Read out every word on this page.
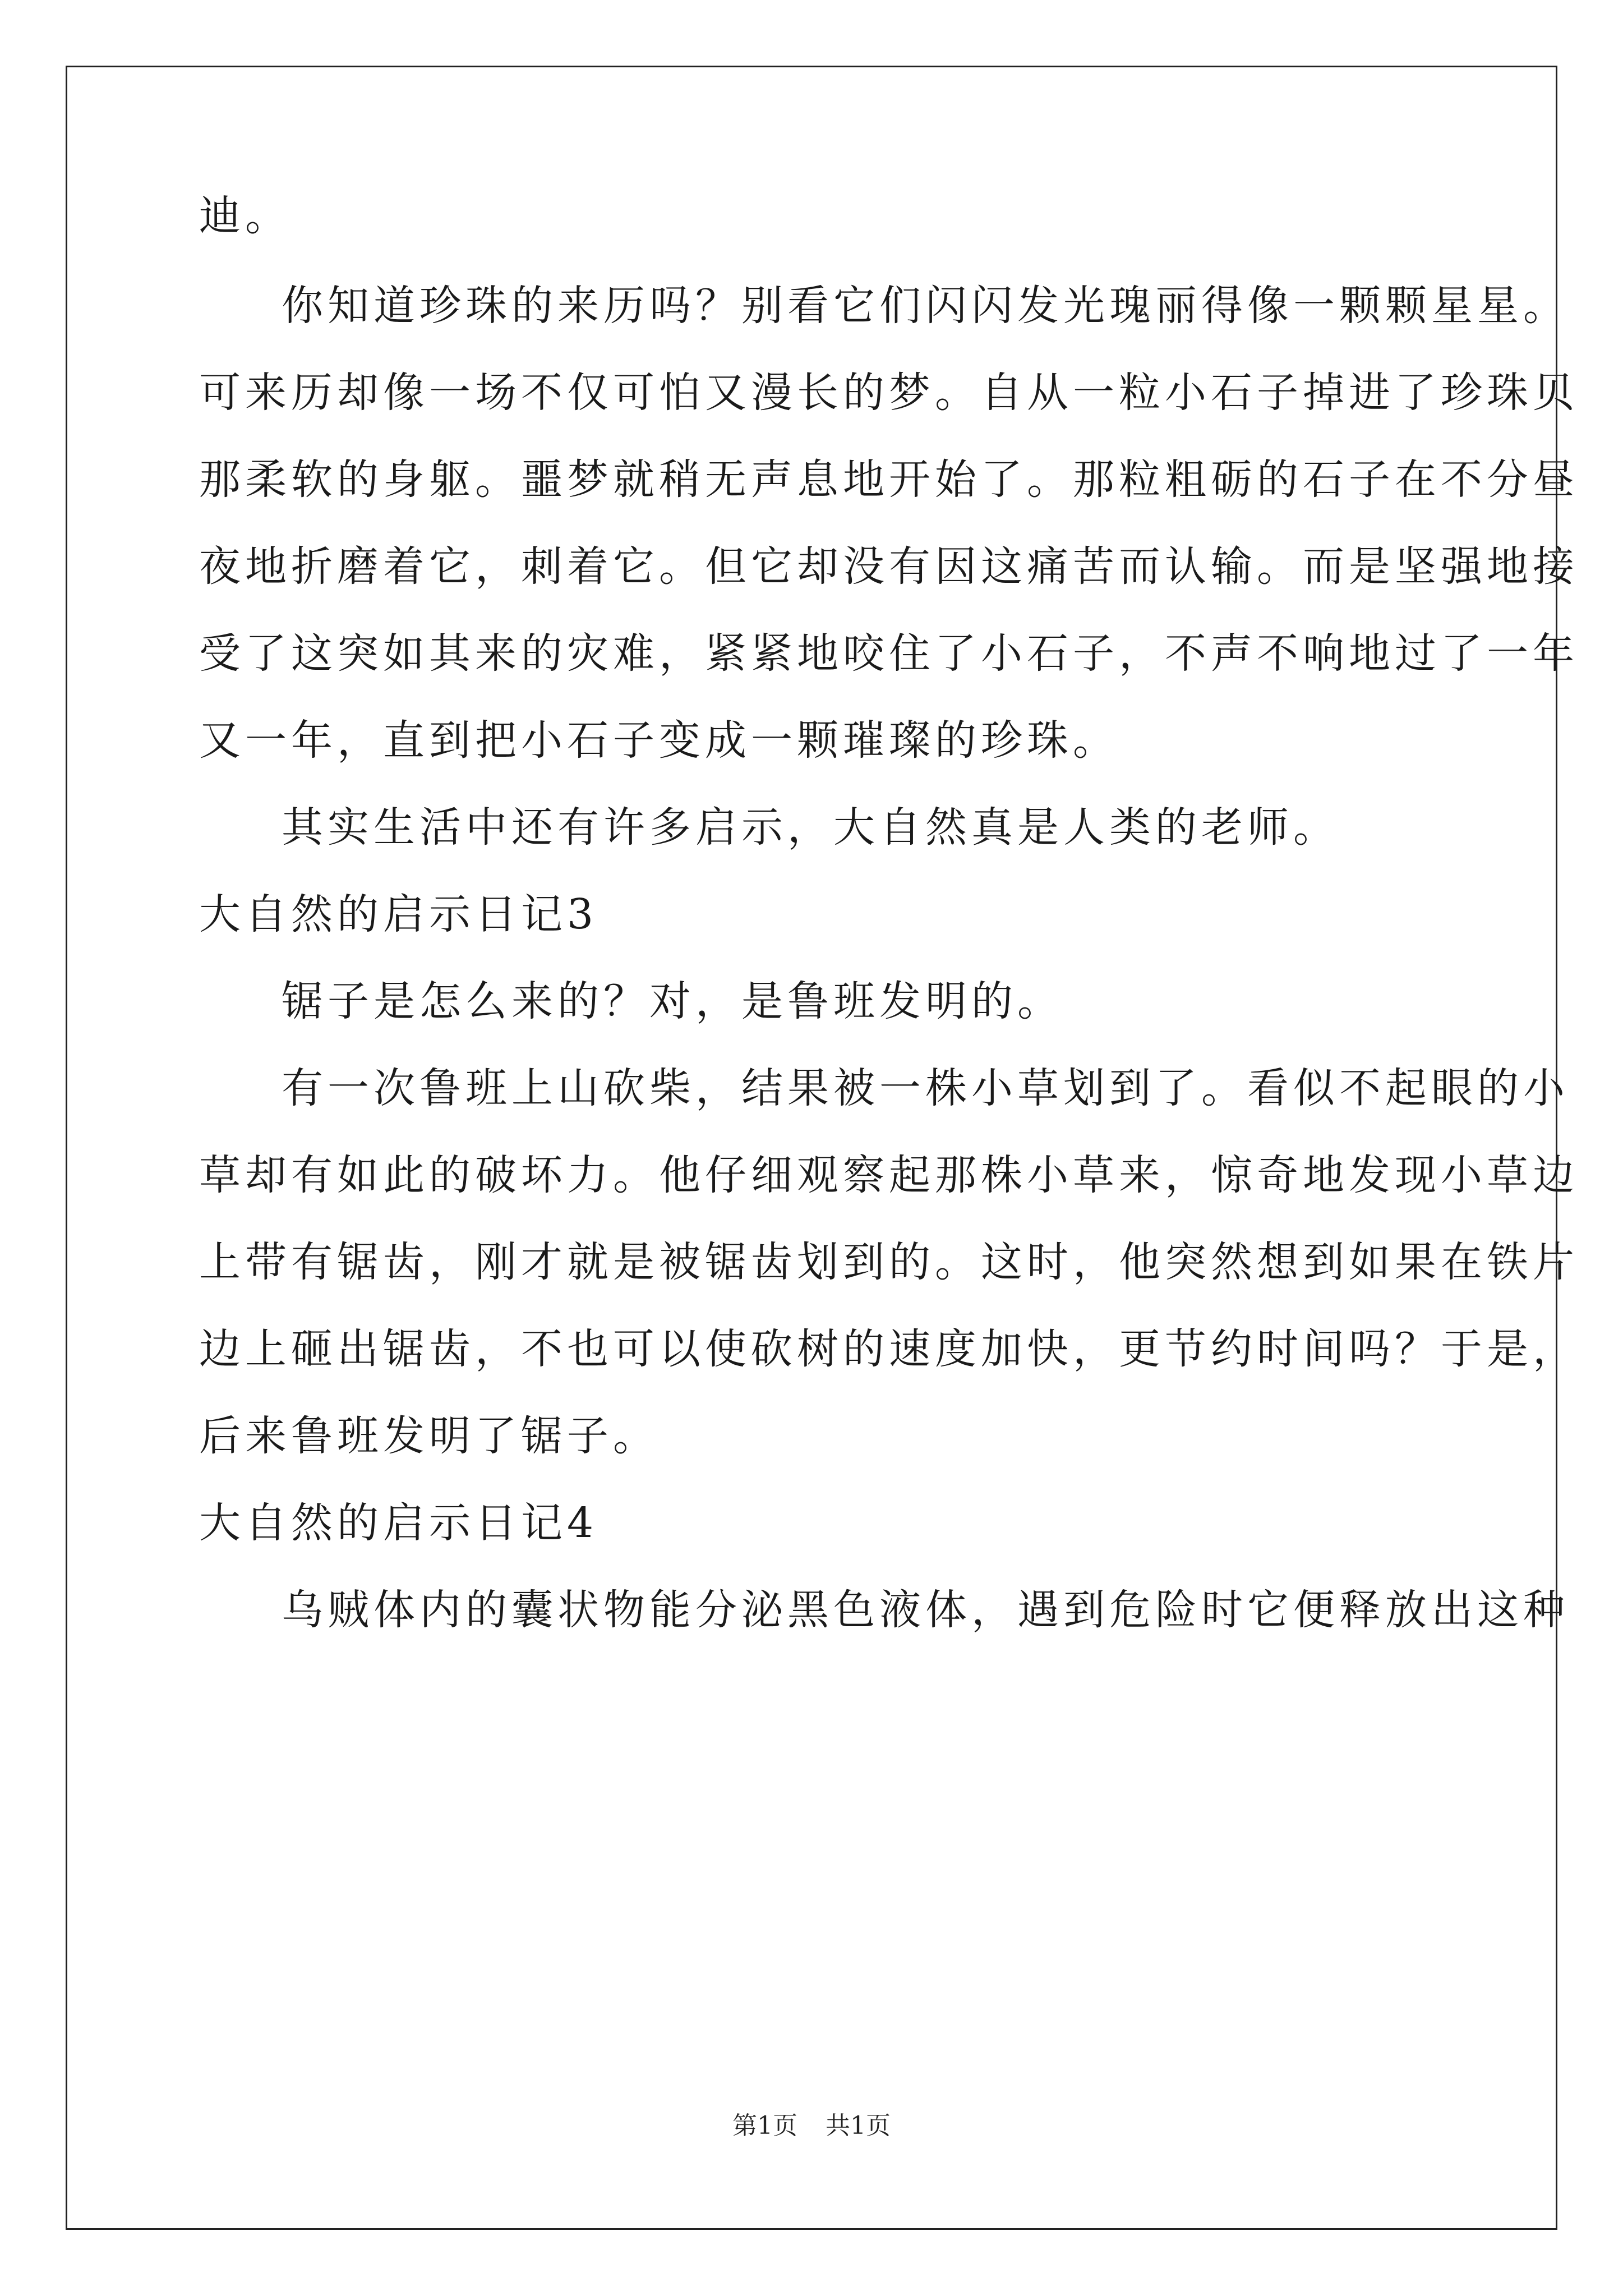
迪。
你知道珍珠的来历吗？别看它们闪闪发光瑰丽得像一颗颗星星。
可来历却像一场不仅可怕又漫长的梦。自从一粒小石子掉进了珍珠贝
那柔软的身躯。噩梦就稍无声息地开始了。那粒粗砺的石子在不分昼
夜地折磨着它，刺着它。但它却没有因这痛苦而认输。而是坚强地接
受了这突如其来的灾难，紧紧地咬住了小石子，不声不响地过了一年
又一年，直到把小石子变成一颗璀璨的珍珠。
其实生活中还有许多启示，大自然真是人类的老师。
大自然的启示日记3
锯子是怎么来的？对，是鲁班发明的。
有一次鲁班上山砍柴，结果被一株小草划到了。看似不起眼的小
草却有如此的破坏力。他仔细观察起那株小草来，惊奇地发现小草边
上带有锯齿，刚才就是被锯齿划到的。这时，他突然想到如果在铁片
边上砸出锯齿，不也可以使砍树的速度加快，更节约时间吗？于是，
后来鲁班发明了锯子。
大自然的启示日记4
乌贼体内的囊状物能分泌黑色液体，遇到危险时它便释放出这种
第1页 共1页
